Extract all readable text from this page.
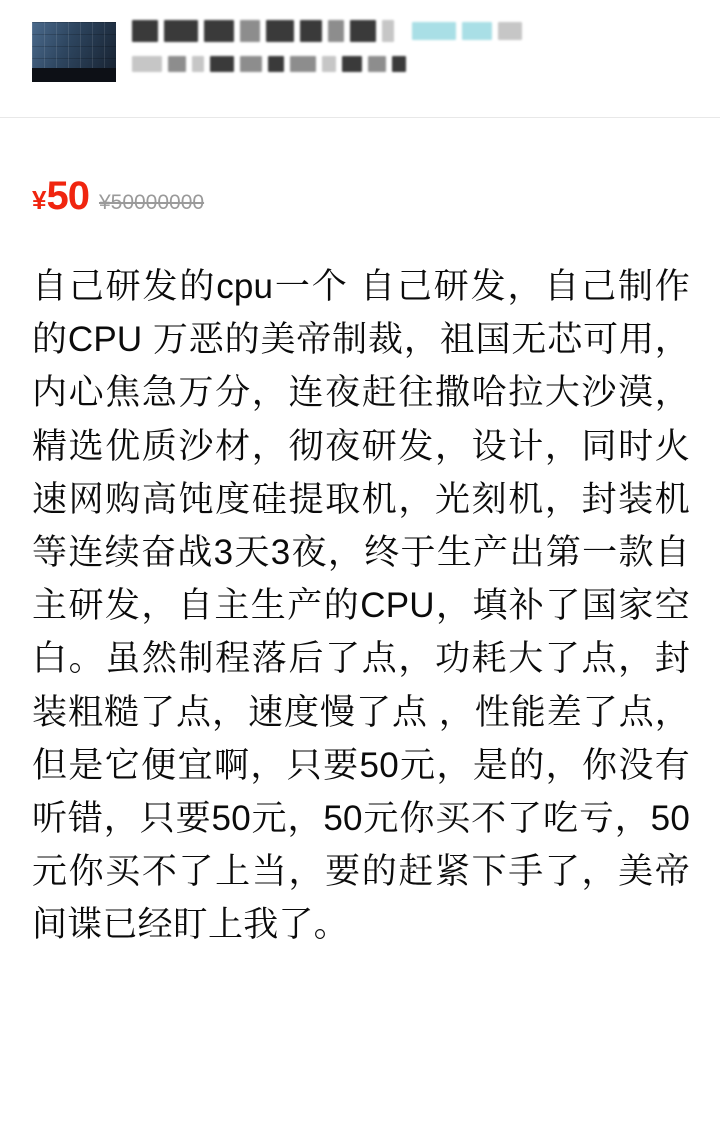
¥ 50 ¥50000000
自己研发的cpu一个 自己研发，自己制作的CPU 万恶的美帝制裁，祖国无芯可用，内心焦急万分，连夜赶往撒哈拉大沙漠，精选优质沙材，彻夜研发，设计，同时火速网购高饨度硅提取机，光刻机，封装机等连续奋战3天3夜，终于生产出第一款自主研发，自主生产的CPU，填补了国家空白。虽然制程落后了点，功耗大了点，封装粗糙了点，速度慢了点 ，性能差了点，但是它便宜啊，只要50元，是的，你没有听错，只要50元，50元你买不了吃亏，50元你买不了上当，要的赶紧下手了，美帝间谍已经盯上我了。
